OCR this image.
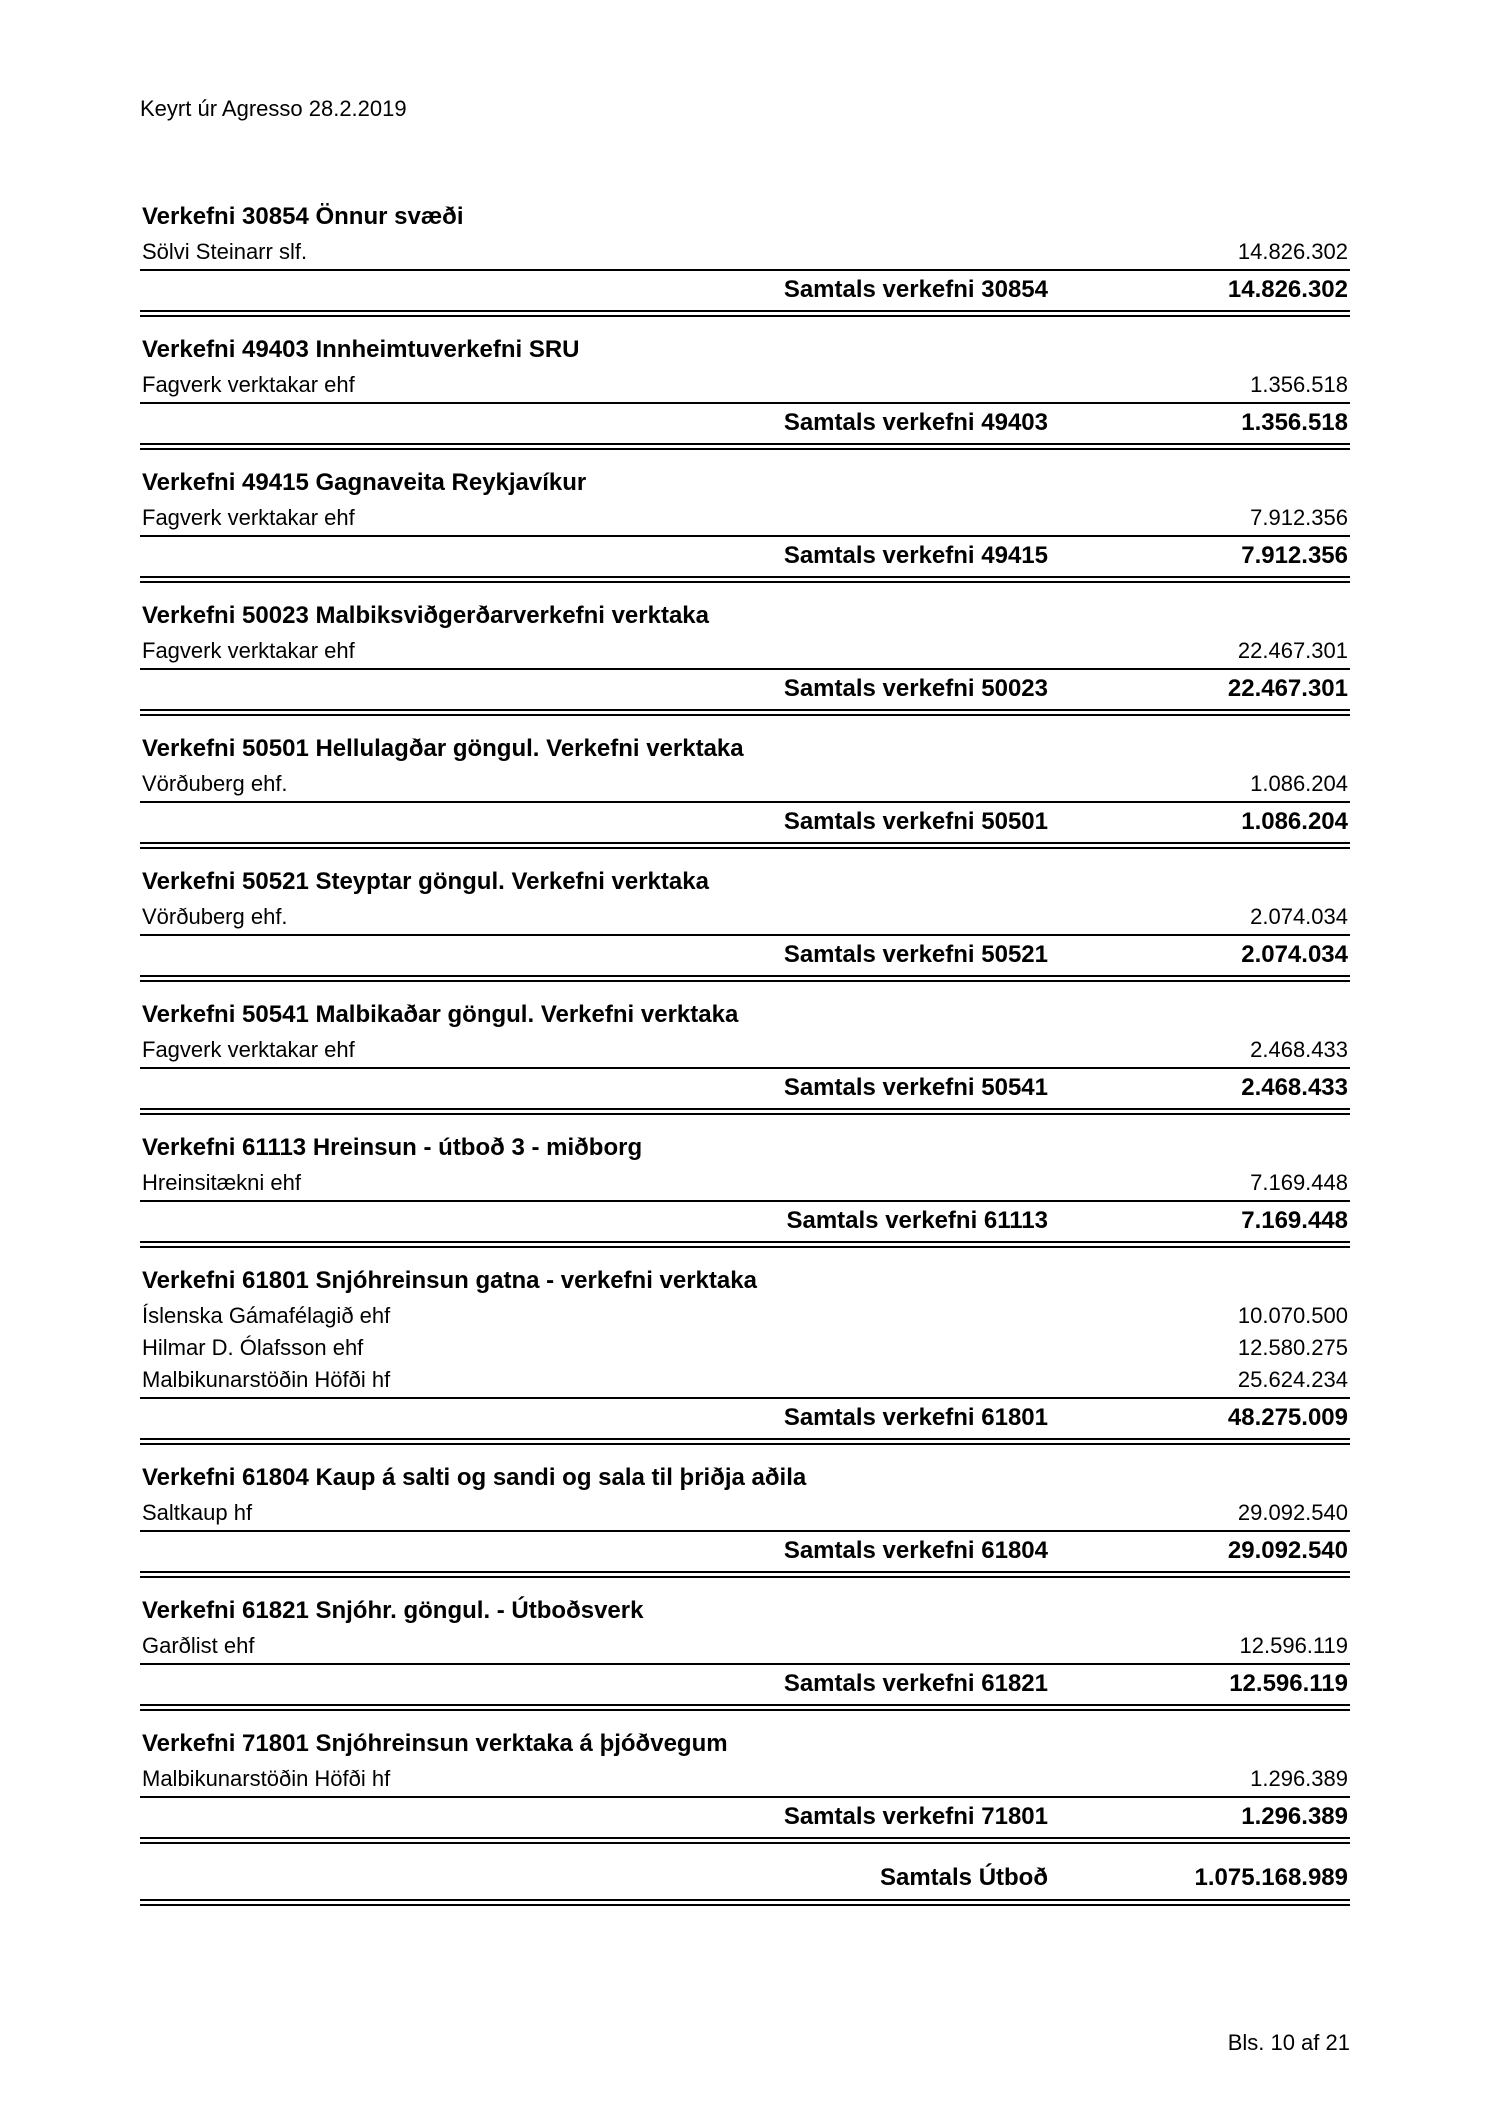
Keyrt úr Agresso 28.2.2019
Verkefni 30854 Önnur svæði
Sölvi Steinarr slf.	14.826.302
Samtals verkefni 30854	14.826.302
Verkefni 49403 Innheimtuverkefni SRU
Fagverk verktakar ehf	1.356.518
Samtals verkefni 49403	1.356.518
Verkefni 49415 Gagnaveita Reykjavíkur
Fagverk verktakar ehf	7.912.356
Samtals verkefni 49415	7.912.356
Verkefni 50023 Malbiksviðgerðarverkefni verktaka
Fagverk verktakar ehf	22.467.301
Samtals verkefni 50023	22.467.301
Verkefni 50501 Hellulagðar göngul. Verkefni verktaka
Vörðuberg ehf.	1.086.204
Samtals verkefni 50501	1.086.204
Verkefni 50521 Steyptar göngul. Verkefni verktaka
Vörðuberg ehf.	2.074.034
Samtals verkefni 50521	2.074.034
Verkefni 50541 Malbikaðar göngul. Verkefni verktaka
Fagverk verktakar ehf	2.468.433
Samtals verkefni 50541	2.468.433
Verkefni 61113 Hreinsun - útboð 3 - miðborg
Hreinsitækni ehf	7.169.448
Samtals verkefni 61113	7.169.448
Verkefni 61801 Snjóhreinsun gatna - verkefni verktaka
Íslenska Gámafélagið ehf	10.070.500
Hilmar D. Ólafsson ehf	12.580.275
Malbikunarstöðin Höfði hf	25.624.234
Samtals verkefni 61801	48.275.009
Verkefni 61804 Kaup á salti og sandi og sala til þriðja aðila
Saltkaup hf	29.092.540
Samtals verkefni 61804	29.092.540
Verkefni 61821 Snjóhr. göngul. - Útboðsverk
Garðlist ehf	12.596.119
Samtals verkefni 61821	12.596.119
Verkefni 71801 Snjóhreinsun verktaka á þjóðvegum
Malbikunarstöðin Höfði hf	1.296.389
Samtals verkefni 71801	1.296.389
Samtals Útboð	1.075.168.989
Bls. 10 af 21
